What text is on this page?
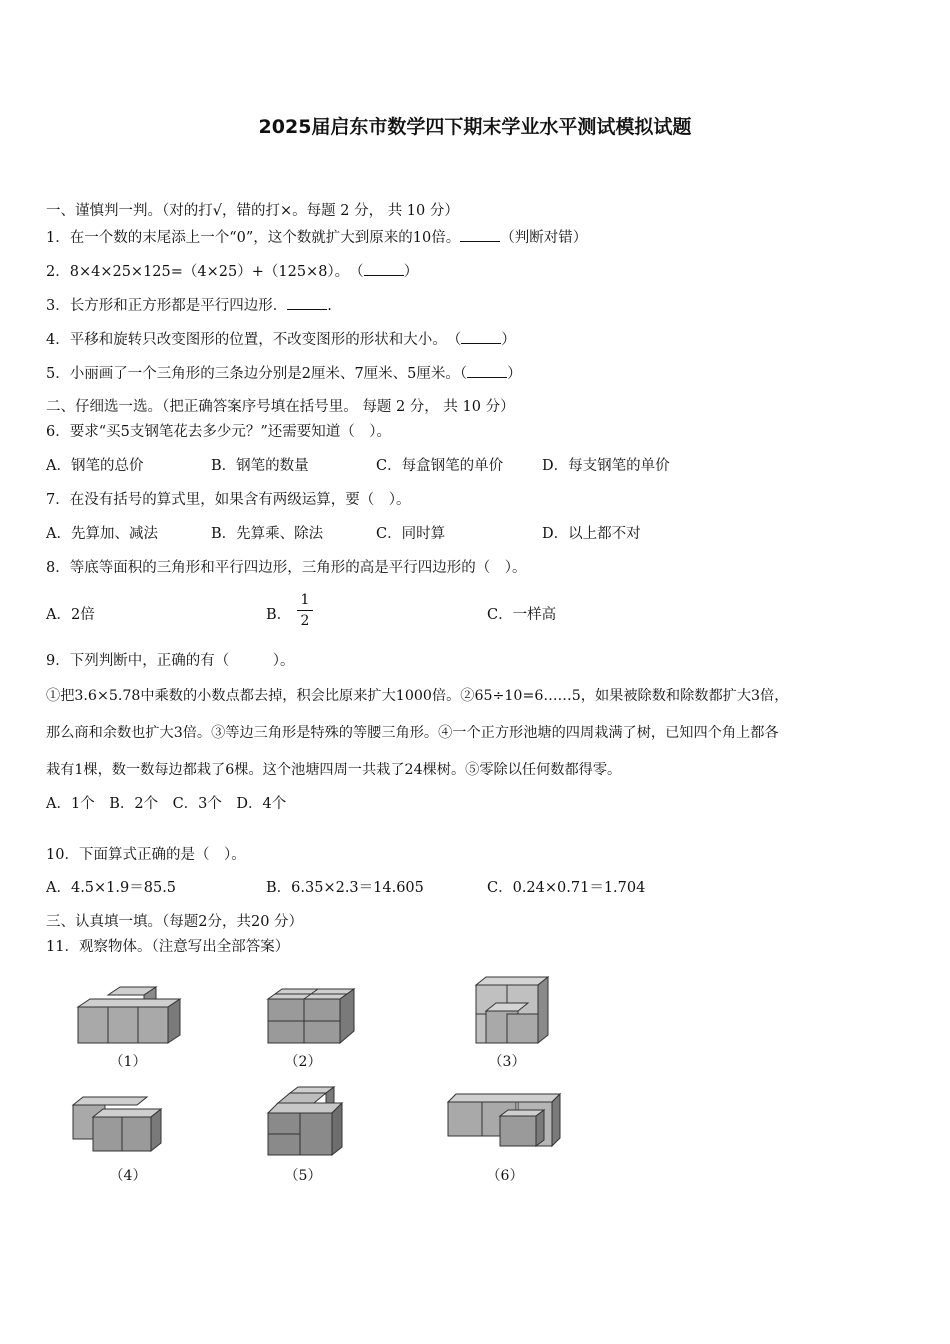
2025届启东市数学四下期末学业水平测试模拟试题
一、谨慎判一判。（对的打√，错的打×。每题 2 分， 共 10 分）
1．在一个数的末尾添上一个“0”，这个数就扩大到原来的10倍。	（判断对错）
2．8×4×25×125=（4×25）+（125×8）。　（	）
3．长方形和正方形都是平行四边形．	.
4．平移和旋转只改变图形的位置，不改变图形的形状和大小。　（	）
5．小丽画了一个三角形的三条边分别是2厘米、7厘米、5厘米。（	）
二、仔细选一选。（把正确答案序号填在括号里。 每题 2 分， 共 10 分）
6．要求“买5支钢笔花去多少元？”还需要知道（　）。
A．钢笔的总价	B．钢笔的数量	C．每盒钢笔的单价	D．每支钢笔的单价
7．在没有括号的算式里，如果含有两级运算，要（　）。
A．先算加、减法	B．先算乘、除法	C．同时算	D．以上都不对
8．等底等面积的三角形和平行四边形，三角形的高是平行四边形的（　）。
A．2倍	B．
1
2	C．一样高
9．下列判断中，正确的有（　　　）。
①把3.6×5.78中乘数的小数点都去掉，积会比原来扩大1000倍。②65÷10=6……5，如果被除数和除数都扩大3倍，
那么商和余数也扩大3倍。③等边三角形是特殊的等腰三角形。④一个正方形池塘的四周栽满了树，已知四个角上都各
栽有1棵，数一数每边都栽了6棵。这个池塘四周一共栽了24棵树。⑤零除以任何数都得零。
A．1个　B．2个　C．3个　D．4个
10．下面算式正确的是（　）。
A．4.5×1.9＝85.5	B．6.35×2.3＝14.605	C．0.24×0.71＝1.704
三、认真填一填。（每题2分，共20 分）
11．观察物体。（注意写出全部答案）
（1）	（2）	（3）
（4）	（5）	（6）
